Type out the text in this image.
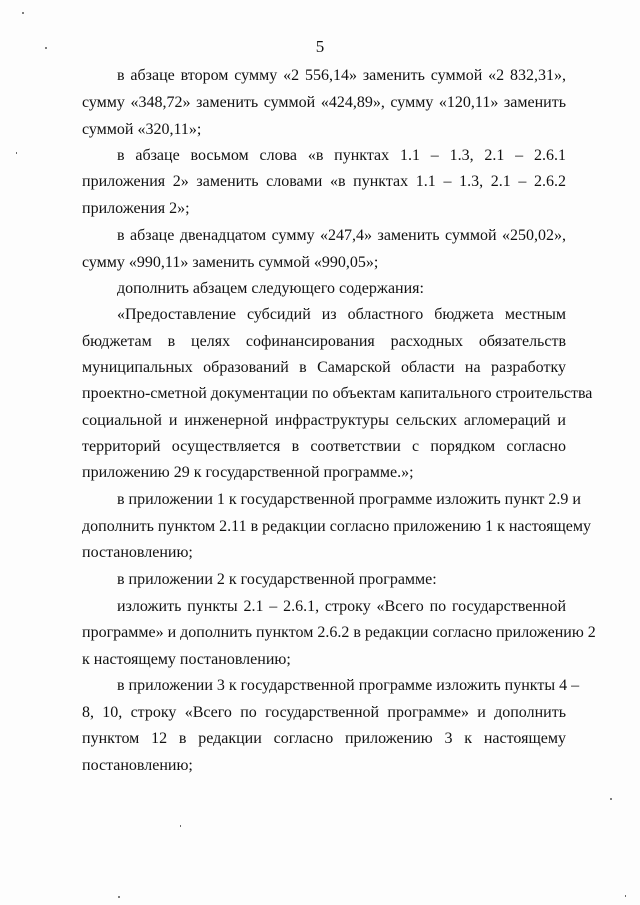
5
в абзаце втором сумму «2 556,14» заменить суммой «2 832,31»,
сумму «348,72» заменить суммой «424,89», сумму «120,11» заменить
суммой «320,11»;
в абзаце восьмом слова «в пунктах 1.1 – 1.3, 2.1 – 2.6.1
приложения 2» заменить словами «в пунктах 1.1 – 1.3, 2.1 – 2.6.2
приложения 2»;
в абзаце двенадцатом сумму «247,4» заменить суммой «250,02»,
сумму «990,11» заменить суммой «990,05»;
дополнить абзацем следующего содержания:
«Предоставление субсидий из областного бюджета местным
бюджетам в целях софинансирования расходных обязательств
муниципальных образований в Самарской области на разработку
проектно-сметной документации по объектам капитального строительства
социальной и инженерной инфраструктуры сельских агломераций и
территорий осуществляется в соответствии с порядком согласно
приложению 29 к государственной программе.»;
в приложении 1 к государственной программе изложить пункт 2.9 и
дополнить пунктом 2.11 в редакции согласно приложению 1 к настоящему
постановлению;
в приложении 2 к государственной программе:
изложить пункты 2.1 – 2.6.1, строку «Всего по государственной
программе» и дополнить пунктом 2.6.2 в редакции согласно приложению 2
к настоящему постановлению;
в приложении 3 к государственной программе изложить пункты 4 –
8, 10, строку «Всего по государственной программе» и дополнить
пунктом 12 в редакции согласно приложению 3 к настоящему
постановлению;
